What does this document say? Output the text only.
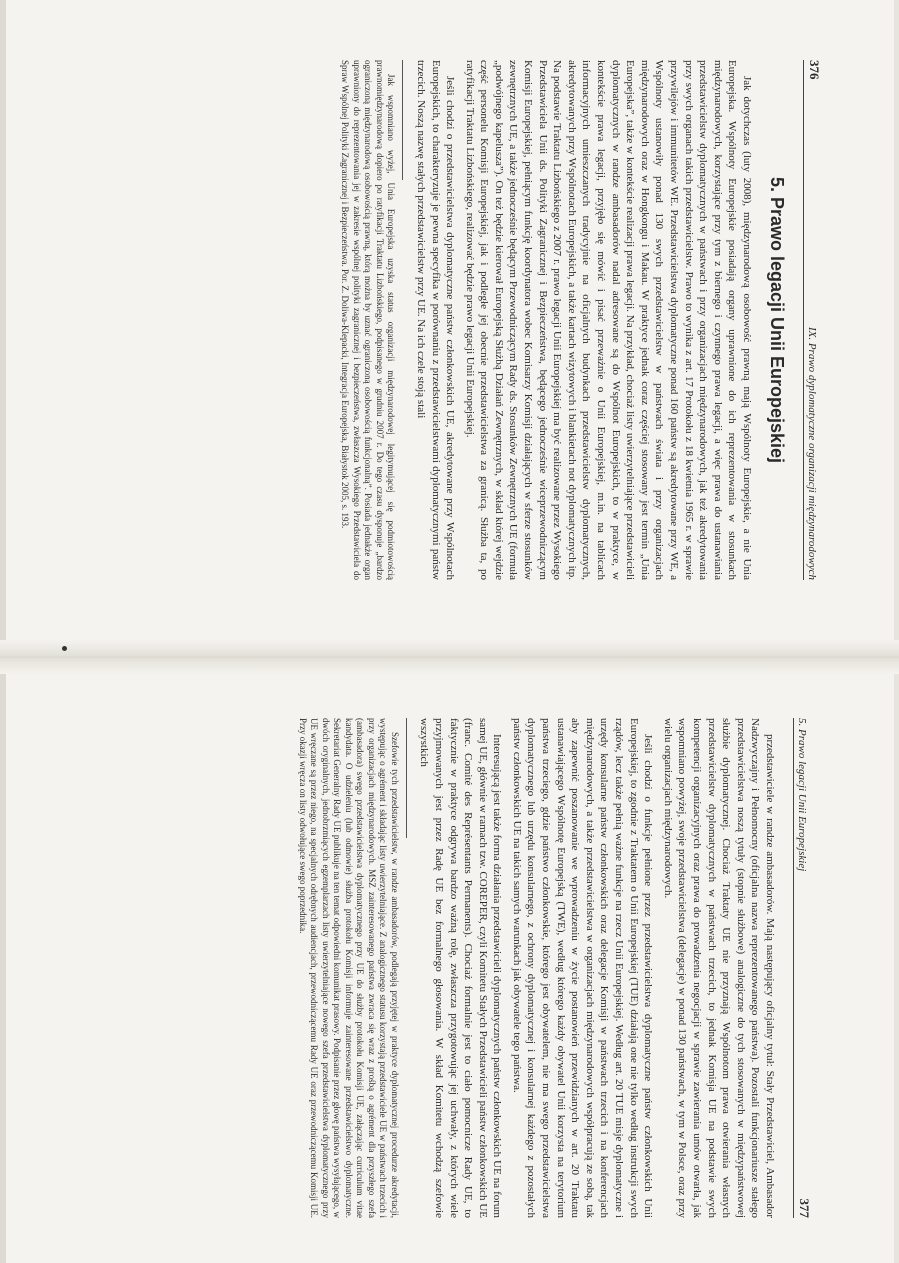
376
IX. Prawo dyplomatyczne organizacji międzynarodowych
5. Prawo legacji Unii Europejskiej

Jak dotychczas (luty 2008), międzynarodową osobowość prawną mają Wspólnoty Europejskie, a nie Unia Europejska. Wspólnoty Europejskie posiadają organy uprawnione do ich reprezentowania w stosunkach międzynarodowych, korzystające przy tym z biernego i czynnego prawa legacji, a więc prawa do ustanawiania przedstawicielstw dyplomatycznych w państwach i przy organizacjach międzynarodowych, jak też akredytowania przy swych organach takich przedstawicielstw. Prawo to wynika z art. 17 Protokołu z 18 kwietnia 1965 r. w sprawie przywilejów i immunitetów WE. Przedstawicielstwa dyplomatyczne ponad 160 państw są akredytowane przy WE, a Wspólnoty ustanowiły ponad 130 swych przedstawicielstw w państwach świata i przy organizacjach międzynarodowych oraz w Hongkongu i Makau. W praktyce jednak coraz częściej stosowany jest termin „Unia Europejska”, także w kontekście realizacji prawa legacji. Na przykład, chociaż listy uwierzytelniające przedstawicieli dyplomatycznych w randze ambasadorów nadal adresowane są do Wspólnot Europejskich, to w praktyce, w kontekście prawa legacji, przyjęło się mówić i pisać przeważnie o Unii Europejskiej, m.in. na tablicach informacyjnych umieszczanych tradycyjnie na oficjalnych budynkach przedstawicielstw dyplomatycznych, akredytowanych przy Wspólnotach Europejskich, a także kartach wizytowych i blankietach not dyplomatycznych itp. Na podstawie Traktatu Lizbońskiego z 2007 r. prawo legacji Unii Europejskiej ma być realizowane przez Wysokiego Przedstawiciela Unii ds. Polityki Zagranicznej i Bezpieczeństwa, będącego jednocześnie wiceprzewodniczącym Komisji Europejskiej, pełniącym funkcję koordynatora wobec Komisarzy Komisji działających w sferze stosunków zewnętrznych UE, a także jednocześnie będącym Przewodniczącym Rady ds. Stosunków Zewnętrznych UE (formuła „podwójnego kapelusza”). On też będzie kierował Europejską Służbą Działań Zewnętrznych, w skład której wejdzie część personelu Komisji Europejskiej, jak i podległe jej obecnie przedstawicielstwa za granicą. Służba ta, po ratyfikacji Traktatu Lizbońskiego, realizować będzie prawo legacji Unii Europejskiej.

Jeśli chodzi o przedstawicielstwa dyplomatyczne państw członkowskich UE, akredytowane przy Wspólnotach Europejskich, to charakteryzuje je pewna specyfika w porównaniu z przedstawicielstwami dyplomatycznymi państw trzecich. Noszą nazwę stałych przedstawicielstw przy UE. Na ich czele stoją stali

Jak wspomniano wyżej, Unia Europejska uzyska status organizacji międzynarodowej legitymującej się podmiotowością prawnomiędzynarodową dopiero po ratyfikacji Traktatu Lizbońskiego, podpisanego w grudniu 2007 r. Do tego czasu dysponuje „bardzo ograniczoną międzynarodową osobowością prawną, którą można by uznać ograniczoną osobowością funkcjonalną”. Posiada jednakże organ uprawniony do reprezentowania jej w zakresie wspólnej polityki zagranicznej i bezpieczeństwa, zwłaszcza Wysokiego Przedstawiciela do Spraw Wspólnej Polityki Zagranicznej i Bezpieczeństwa. Por. Z. Doliwa-Klepacki, Integracja Europejska, Białystok 2005, s. 193.

5. Prawo legacji Unii Europejskiej
377

przedstawiciele w randze ambasadorów. Mają następujący oficjalny tytuł: Stały Przedstawiciel, Ambasador Nadzwyczajny i Pełnomocny (oficjalna nazwa reprezentowanego państwa). Pozostali funkcjonariusze stałego przedstawicielstwa noszą tytuły (stopnie służbowe) analogiczne do tych stosowanych w międzypaństwowej służbie dyplomatycznej. Chociaż Traktaty UE nie przyznają Wspólnotom prawa otwierania własnych przedstawicielstw dyplomatycznych w państwach trzecich, to jednak Komisja UE na podstawie swych kompetencji organizacyjnych oraz prawa do prowadzenia negocjacji w sprawie zawierania umów otwarła, jak wspomniano powyżej, swoje przedstawicielstwa (delegacje) w ponad 130 państwach, w tym w Polsce, oraz przy wielu organizacjach międzynarodowych.

Jeśli chodzi o funkcje pełnione przez przedstawicielstwa dyplomatyczne państw członkowskich Unii Europejskiej, to zgodnie z Traktatem o Unii Europejskiej (TUE) działają one nie tylko według instrukcji swych rządów, lecz także pełnią ważne funkcje na rzecz Unii Europejskiej. Według art. 20 TUE misje dyplomatyczne i urzędy konsularne państw członkowskich oraz delegacje Komisji w państwach trzecich i na konferencjach międzynarodowych, a także przedstawicielstwa w organizacjach międzynarodowych współpracują ze sobą, tak aby zapewnić poszanowanie we wprowadzeniu w życie postanowień przewidzianych w art. 20 Traktatu ustanawiającego Wspólnotę Europejską (TWE), według którego każdy obywatel Unii korzysta na terytorium państwa trzeciego, gdzie państwo członkowskie, którego jest obywatelem, nie ma swego przedstawicielstwa dyplomatycznego lub urzędu konsularnego, z ochrony dyplomatycznej i konsularnej każdego z pozostałych państw członkowskich UE na takich samych warunkach jak obywatele tego państwa.

Interesującą jest także forma działania przedstawicieli dyplomatycznych państw członkowskich UE na forum samej UE, głównie w ramach tzw. COREPER, czyli Komitetu Stałych Przedstawicieli państw członkowskich UE (franc. Comité des Représentants Permanents). Chociaż formalnie jest to ciało pomocnicze Rady UE, to faktycznie w praktyce odgrywa bardzo ważną rolę, zwłaszcza przygotowując jej uchwały, z których wiele przyjmowanych jest przez Radę UE bez formalnego głosowania. W skład Komitetu wchodzą szefowie wszystkich

Szefowie tych przedstawicielstw, w randze ambasadorów, podlegają przyjętej w praktyce dyplomatycznej procedurze akredytacji, występując o agrément i składając listy uwierzytelniające. Z analogicznego statusu korzystają przedstawiciele UE w państwach trzecich i przy organizacjach międzynarodowych. MSZ zainteresowanego państwa zwraca się wraz z prośbą o agrément dla przyszłego szefa (ambasadora) swego przedstawicielstwa dyplomatycznego przy UE do służby protokołu Komisji UE, załączając curriculum vitae kandydata. O udzieleniu (lub odmowie) służba protokołu Komisji informuje zainteresowane przedstawicielstwo dyplomatyczne. Sekretariat Generalny Rady UE publikuje na ten temat odpowiedni komunikat prasowy. Podpisanie przez głowę państwa wysyłającego, w dwóch oryginalnych, jednobrzmiących egzemplarzach listy uwierzytelniające nowego szefa przedstawicielstwa dyplomatycznego przy UE wręczane są przez niego, na specjalnych odrębnych audiencjach, przewodniczącemu Rady UE oraz przewodniczącemu Komisji UE. Przy okazji wręcza on listy odwołujące swego poprzednika.
